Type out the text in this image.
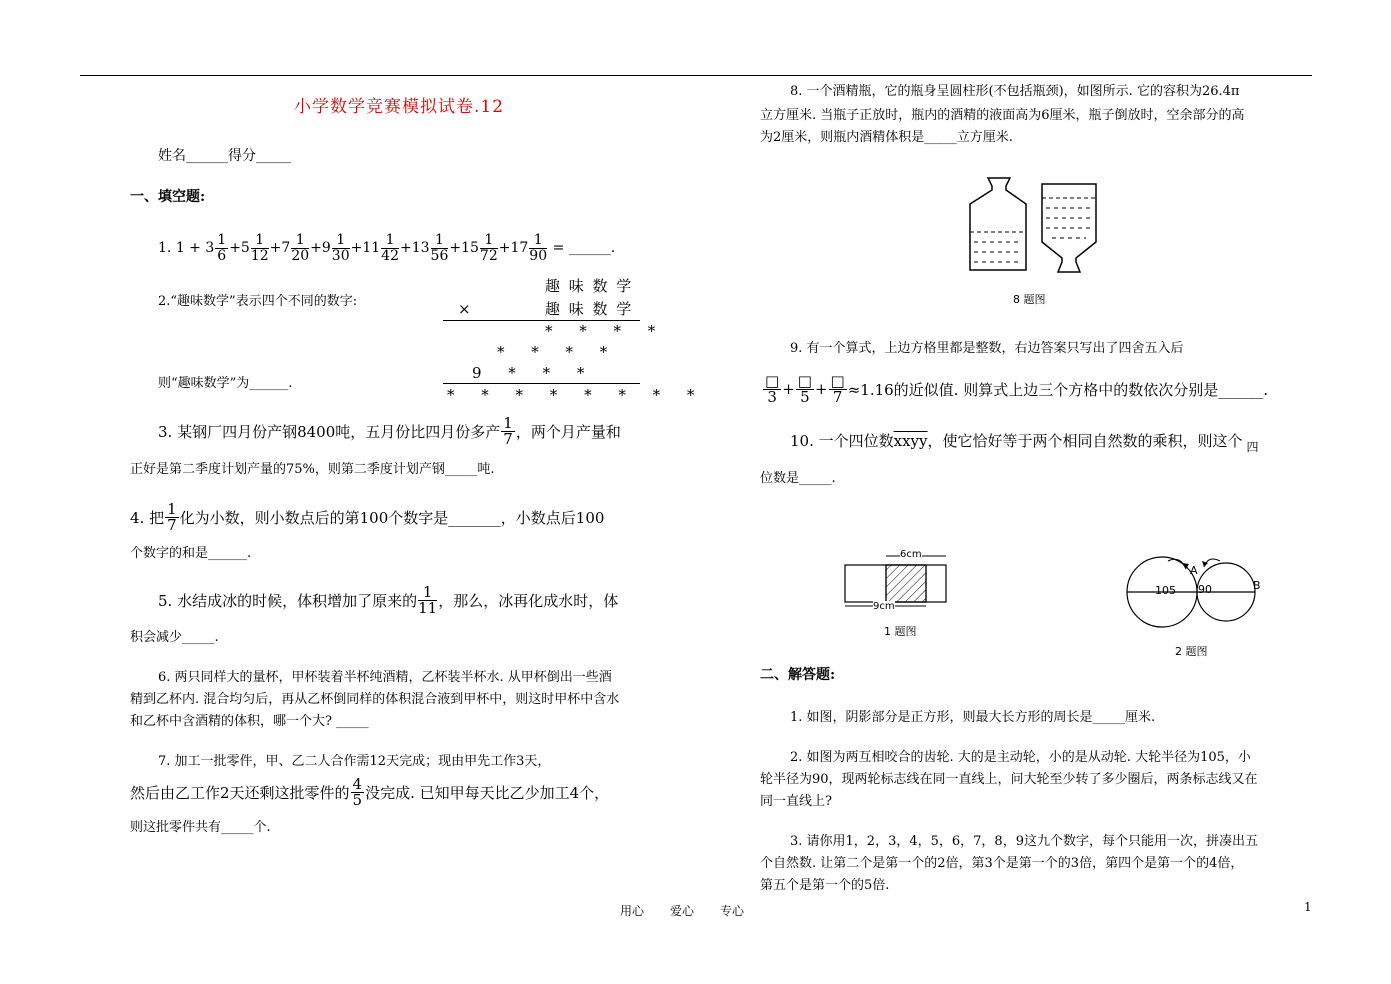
小学数学竞赛模拟试卷.12
姓名______得分_____
一、填空题:
1.
$1 + 3 \frac{1}{6} +5 \frac{1}{12} +7 \frac{1}{20} +9 \frac{1}{30} +11 \frac{1}{42} +13 \frac{1}{56} +15 \frac{1}{72} +17 \frac{1}{90}$
= ______.
2.“趣味数学”表示四个不同的数字:
趣 味 数 学
趣 味 数 学
×
* * * *
* * * *
9 * * *
* * * * * * * *
则“趣味数学”为______.
3. 某钢厂四月份产钢8400吨，五月份比四月份多产 $\frac{1}{7}$ ，两个月产量和
正好是第二季度计划产量的75%，则第二季度计划产钢_____吨.
4. 把 $\frac{1}{7}$ 化为小数，则小数点后的第100个数字是_______，小数点后100
个数字的和是______.
5. 水结成冰的时候，体积增加了原来的 $\frac{1}{11}$ ，那么，冰再化成水时，体
积会减少_____.
6. 两只同样大的量杯，甲杯装着半杯纯酒精，乙杯装半杯水. 从甲杯倒出一些酒
精到乙杯内. 混合均匀后，再从乙杯倒同样的体积混合液到甲杯中，则这时甲杯中含水
和乙杯中含酒精的体积，哪一个大? _____
7. 加工一批零件，甲、乙二人合作需12天完成；现由甲先工作3天，
然后由乙工作2天还剩这批零件的 $\frac{4}{5}$ 没完成. 已知甲每天比乙少加工4个，
则这批零件共有_____个.
8. 一个酒精瓶，它的瓶身呈圆柱形(不包括瓶颈)，如图所示. 它的容积为26.4π
立方厘米. 当瓶子正放时，瓶内的酒精的液面高为6厘米，瓶子倒放时，空余部分的高
为2厘米，则瓶内酒精体积是_____立方厘米.
8 题图
9. 有一个算式，上边方格里都是整数，右边答案只写出了四舍五入后
$\frac{□}{3} + \frac{□}{5} + \frac{□}{7} \approx 1.16$的近似值. 则算式上边三个方格中的数依次分别是______.
10. 一个四位数 xxyy ，使它恰好等于两个相同自然数的乘积，则这个 四
位数是_____.
6cm
9cm
1 题图
105 90
A
B
2 题图
二、解答题:
1. 如图，阴影部分是正方形，则最大长方形的周长是_____厘米.
2. 如图为两互相咬合的齿轮. 大的是主动轮，小的是从动轮. 大轮半径为105，小
轮半径为90，现两轮标志线在同一直线上，问大轮至少转了多少圈后，两条标志线又在
同一直线上?
3. 请你用1，2，3，4，5，6，7，8，9这九个数字，每个只能用一次，拼凑出五
个自然数. 让第二个是第一个的2倍，第3个是第一个的3倍，第四个是第一个的4倍，
第五个是第一个的5倍.
用心 爱心 专心	1
